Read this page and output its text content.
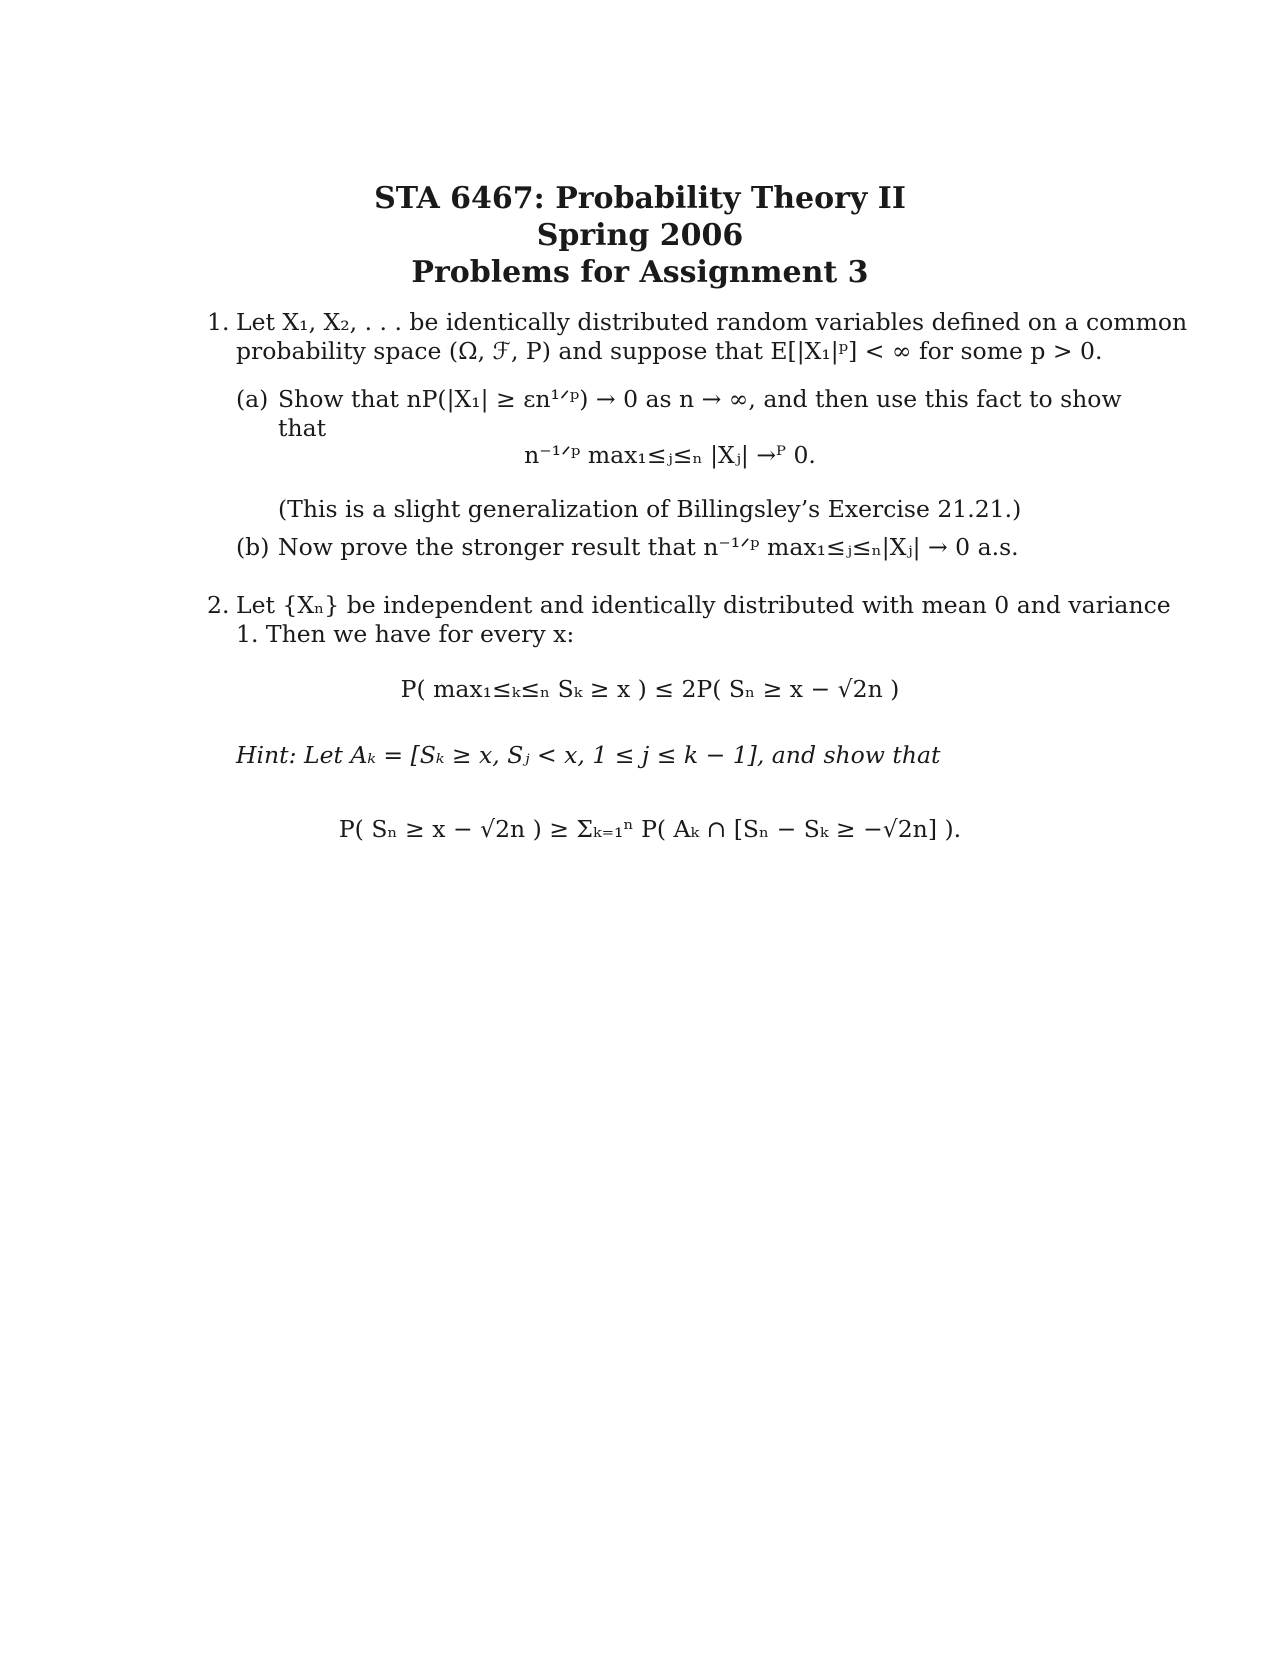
STA 6467: Probability Theory II
Spring 2006
Problems for Assignment 3
1. Let X₁, X₂, . . . be identically distributed random variables defined on a common
probability space (Ω, ℱ, P) and suppose that E[|X₁|ᵖ] < ∞ for some p > 0.
(a) Show that nP(|X₁| ≥ εn¹ᐟᵖ) → 0 as n → ∞, and then use this fact to show
that
n⁻¹ᐟᵖ max₁≤ⱼ≤ₙ |Xⱼ| →ᴾ 0.
(This is a slight generalization of Billingsley’s Exercise 21.21.)
(b) Now prove the stronger result that n⁻¹ᐟᵖ max₁≤ⱼ≤ₙ|Xⱼ| → 0 a.s.
2. Let {Xₙ} be independent and identically distributed with mean 0 and variance
1. Then we have for every x:
P( max₁≤ₖ≤ₙ Sₖ ≥ x ) ≤ 2P( Sₙ ≥ x − √2n )
Hint: Let Aₖ = [Sₖ ≥ x, Sⱼ < x, 1 ≤ j ≤ k − 1], and show that
P( Sₙ ≥ x − √2n ) ≥ Σₖ₌₁ⁿ P( Aₖ ∩ [Sₙ − Sₖ ≥ −√2n] ).
